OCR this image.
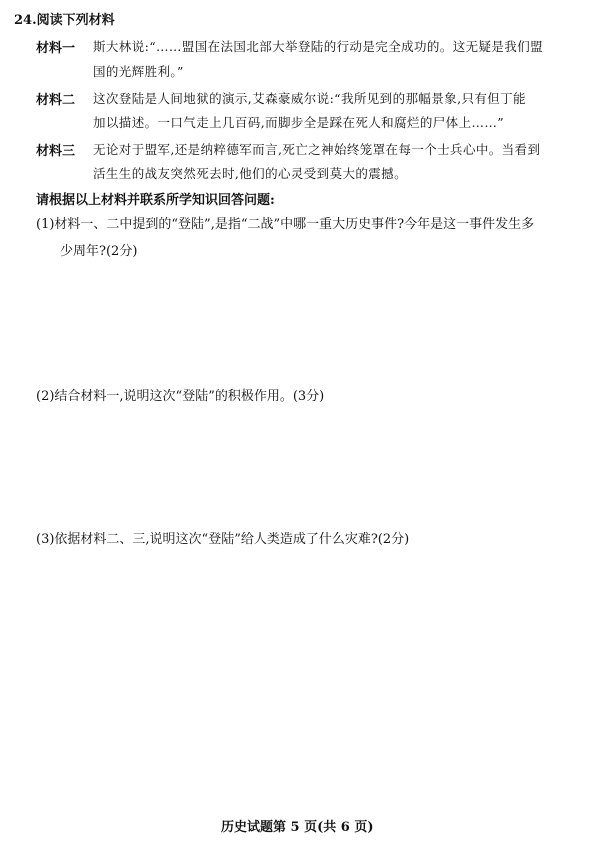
24.阅读下列材料
材料一 斯大林说:“……盟国在法国北部大举登陆的行动是完全成功的。这无疑是我们盟
国的光辉胜利。”
材料二 这次登陆是人间地狱的演示,艾森豪威尔说:“我所见到的那幅景象,只有但丁能
加以描述。一口气走上几百码,而脚步全是踩在死人和腐烂的尸体上……”
材料三 无论对于盟军,还是纳粹德军而言,死亡之神始终笼罩在每一个士兵心中。当看到
活生生的战友突然死去时,他们的心灵受到莫大的震撼。
请根据以上材料并联系所学知识回答问题:
(1)材料一、二中提到的“登陆”,是指“二战”中哪一重大历史事件?今年是这一事件发生多
少周年?(2分)
(2)结合材料一,说明这次“登陆”的积极作用。(3分)
(3)依据材料二、三,说明这次“登陆”给人类造成了什么灾难?(2分)
历史试题第 5 页(共 6 页)
